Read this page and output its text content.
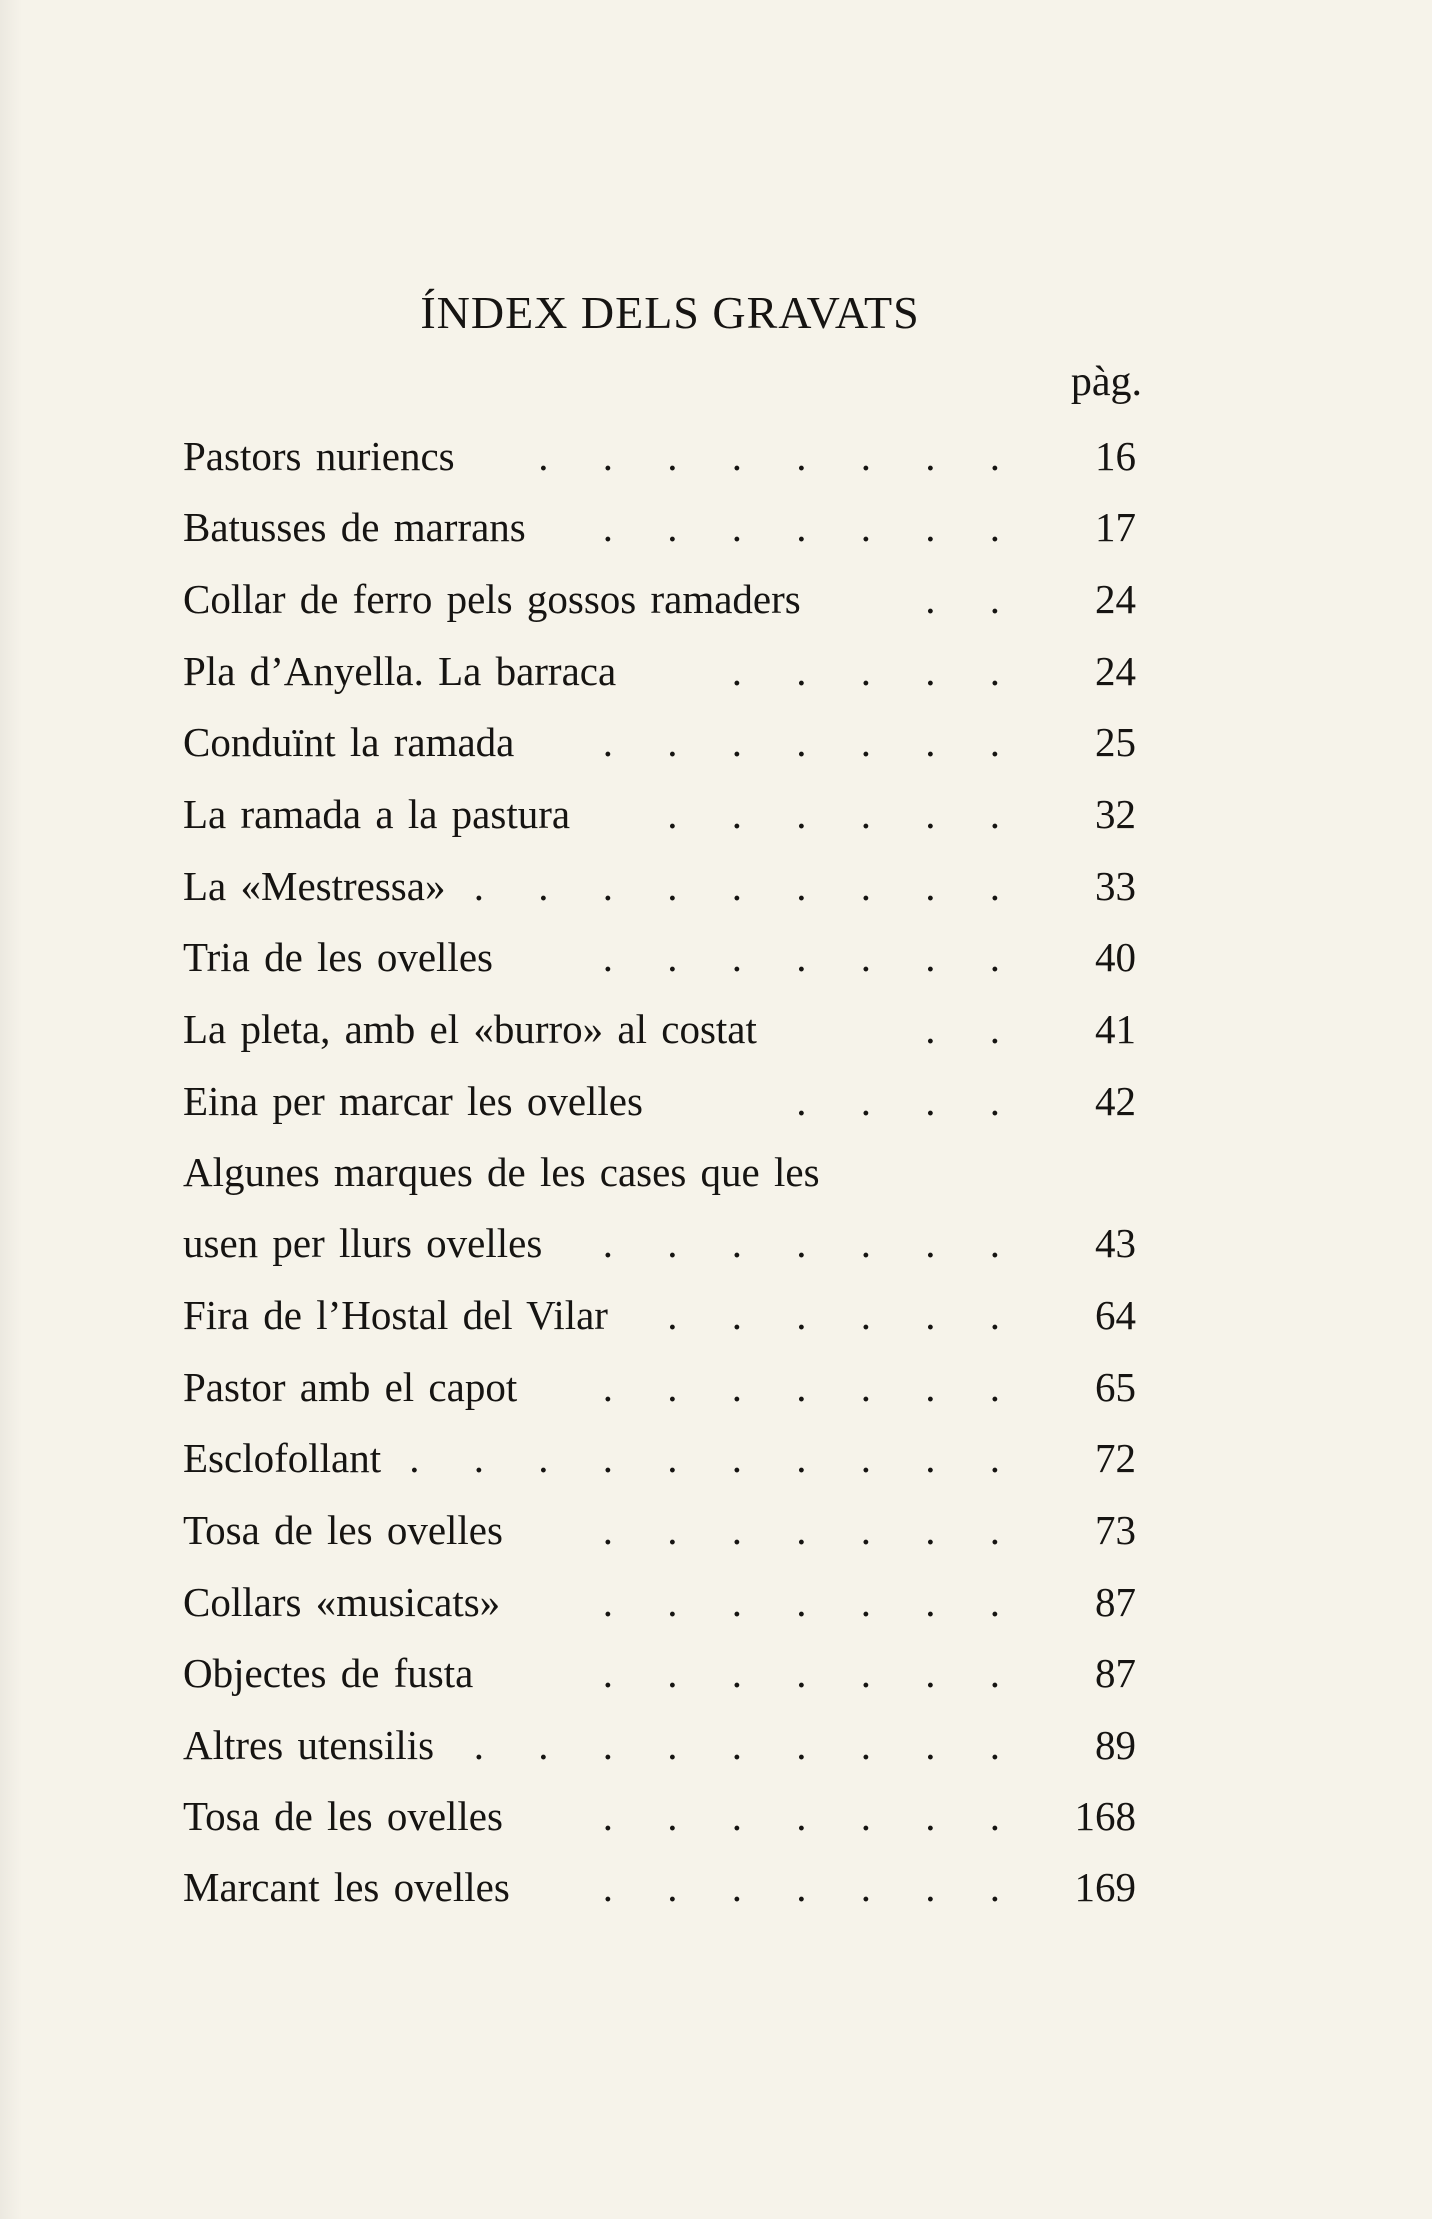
ÍNDEX DELS GRAVATS
pàg.
Pastors nuriencs . . . . . . . . 16
Batusses de marrans . . . . . . . 17
Collar de ferro pels gossos ramaders	. . 24
Pla d’Anyella. La barraca	. . . . . 24
Conduïnt la ramada . . . . . . . 25
La ramada a la pastura . . . . . . 32
La «Mestressa» . . . . . . . . . 33
Tria de les ovelles	. . . . . . . 40
La pleta, amb el «burro» al costat	. . 41
Eina per marcar les ovelles	. . . . 42
Algunes marques de les cases que les
usen per llurs ovelles . . . . . . . 43
Fira de l’Hostal del Vilar . . . . . . 64
Pastor amb el capot . . . . . . . 65
Esclofollant . . . . . . . . . . 72
Tosa de les ovelles . . . . . . . 73
Collars «musicats»	. . . . . . . 87
Objectes de fusta	. . . . . . . 87
Altres utensilis . . . . . . . . . 89
Tosa de les ovelles . . . . . . . 168
Marcant les ovelles . . . . . . . 169
